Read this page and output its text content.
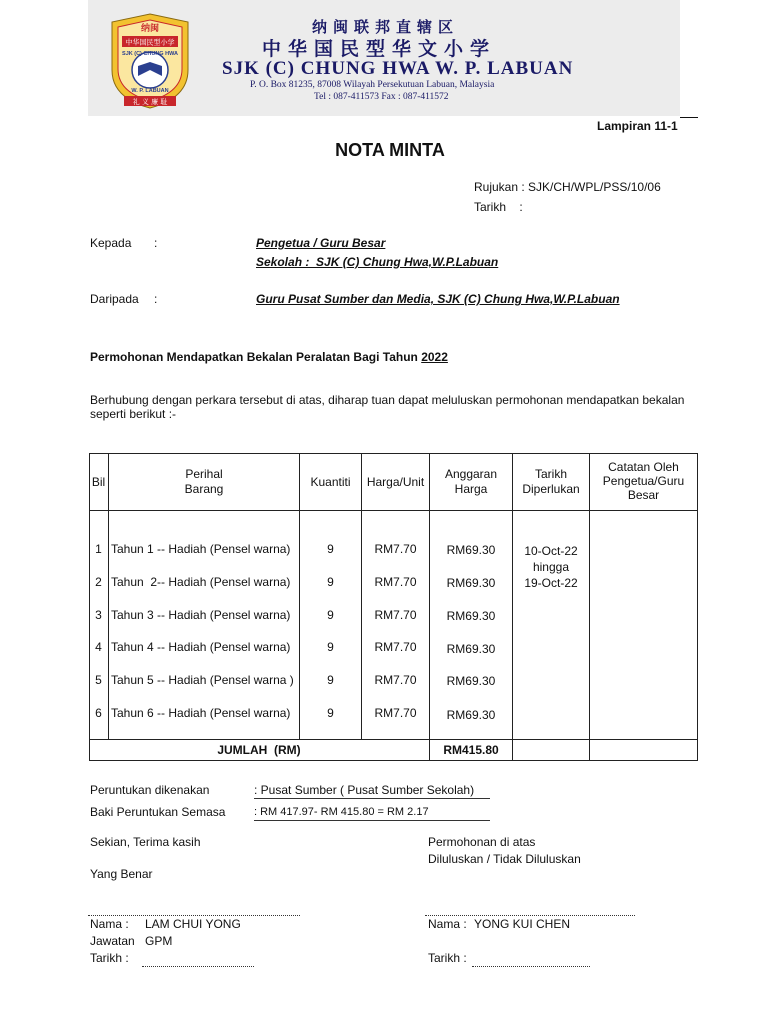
纳闽
中华国民型小学
SJK (C) CHUNG HWA
W. P. LABUAN
礼 义 廉 耻
纳闽联邦直辖区
中华国民型华文小学
SJK (C) CHUNG HWA W. P. LABUAN
P. O. Box 81235, 87008 Wilayah Persekutuan Labuan, Malaysia
Tel : 087-411573 Fax : 087-411572
Lampiran 11-1
NOTA MINTA
Rujukan : SJK/CH/WPL/PSS/10/06
Tarikh    :
Kepada :	Pengetua / Guru Besar
Sekolah :  SJK (C) Chung Hwa,W.P.Labuan
Daripada :	Guru Pusat Sumber dan Media, SJK (C) Chung Hwa,W.P.Labuan
Permohonan Mendapatkan Bekalan Peralatan Bagi Tahun 2022
Berhubung dengan perkara tersebut di atas, diharap tuan dapat meluluskan permohonan mendapatkan bekalan seperti berikut :-
Bil
Perihal
Barang	Kuantiti	Harga/Unit
Anggaran
Harga
Tarikh
Diperlukan
Catatan Oleh
Pengetua/Guru
Besar
1 Tahun 1 -- Hadiah (Pensel warna)	9	RM7.70	RM69.30
2 Tahun  2-- Hadiah (Pensel warna)	9	RM7.70	RM69.30
3 Tahun 3 -- Hadiah (Pensel warna)	9	RM7.70	RM69.30
4 Tahun 4 -- Hadiah (Pensel warna)	9	RM7.70	RM69.30
5 Tahun 5 -- Hadiah (Pensel warna )	9	RM7.70	RM69.30
6 Tahun 6 -- Hadiah (Pensel warna)	9	RM7.70	RM69.30
10-Oct-22
hingga
19-Oct-22
JUMLAH  (RM)	RM415.80
Peruntukan dikenakan	: Pusat Sumber ( Pusat Sumber Sekolah)
Baki Peruntukan Semasa	: RM 417.97- RM 415.80 = RM 2.17
Sekian, Terima kasih
Yang Benar
Permohonan di atas
Diluluskan / Tidak Diluluskan
Nama : LAM CHUI YONG
Jawatan GPM
Tarikh :
Nama : YONG KUI CHEN
Tarikh :
